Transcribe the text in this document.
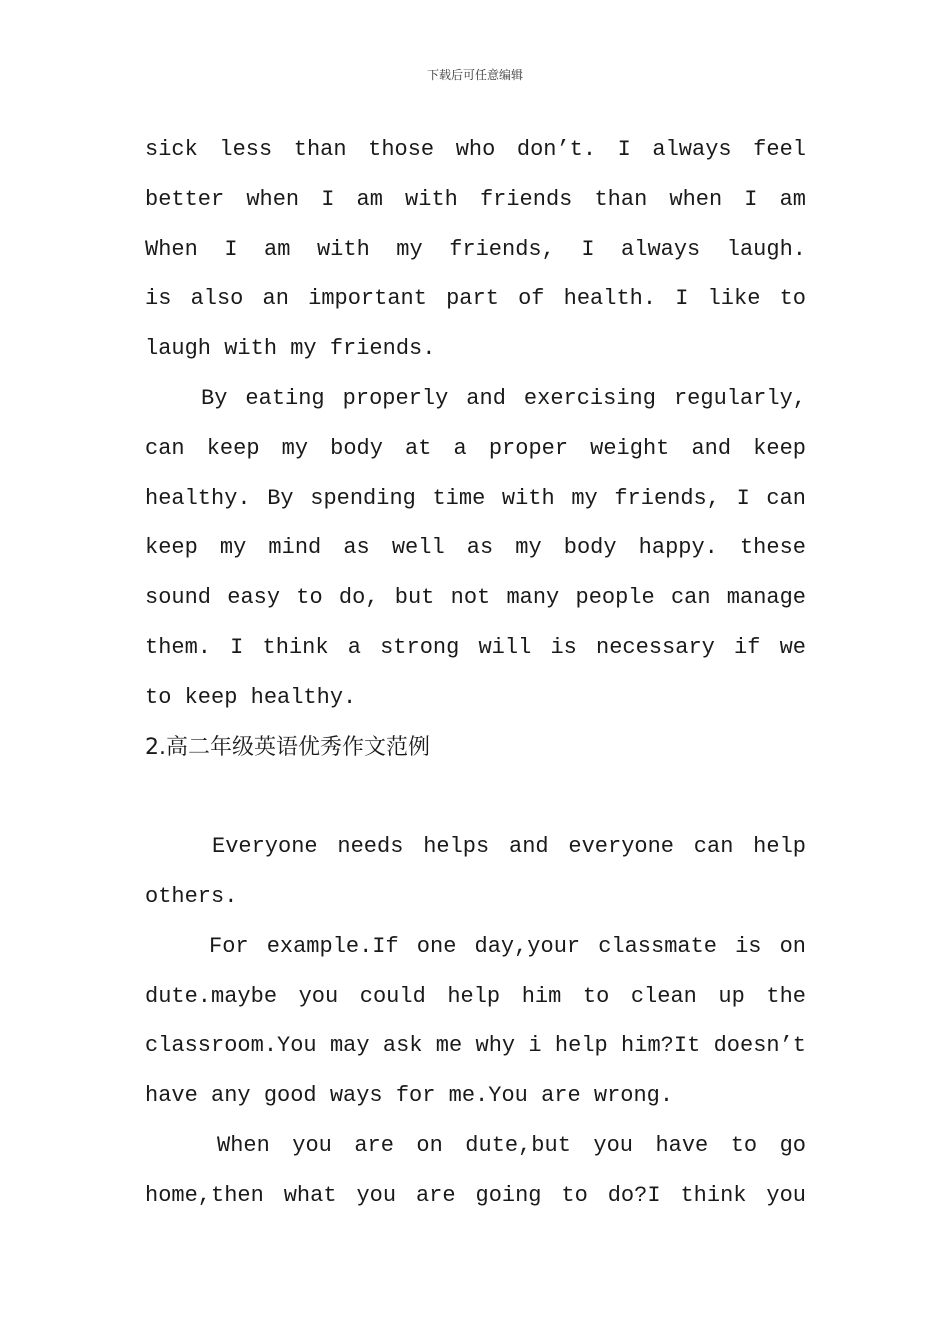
下载后可任意编辑
sick less than those who don’t. I always feel
better when I am with friends than when I am
When I am with my friends, I always laugh.
is also an important part of health. I like to
laugh with my friends.
By eating properly and exercising regularly,
can keep my body at a proper weight and keep
healthy. By spending time with my friends, I can
keep my mind as well as my body happy. these
sound easy to do, but not many people can manage
them. I think a strong will is necessary if we
to keep healthy.
2.高二年级英语优秀作文范例
Everyone needs helps and everyone can help
others.
For example.If one day,your classmate is on
dute.maybe you could help him to clean up the
classroom.You may ask me why i help him?It doesn’t
have any good ways for me.You are wrong.
When you are on dute,but you have to go
home,then what you are going to do?I think you
